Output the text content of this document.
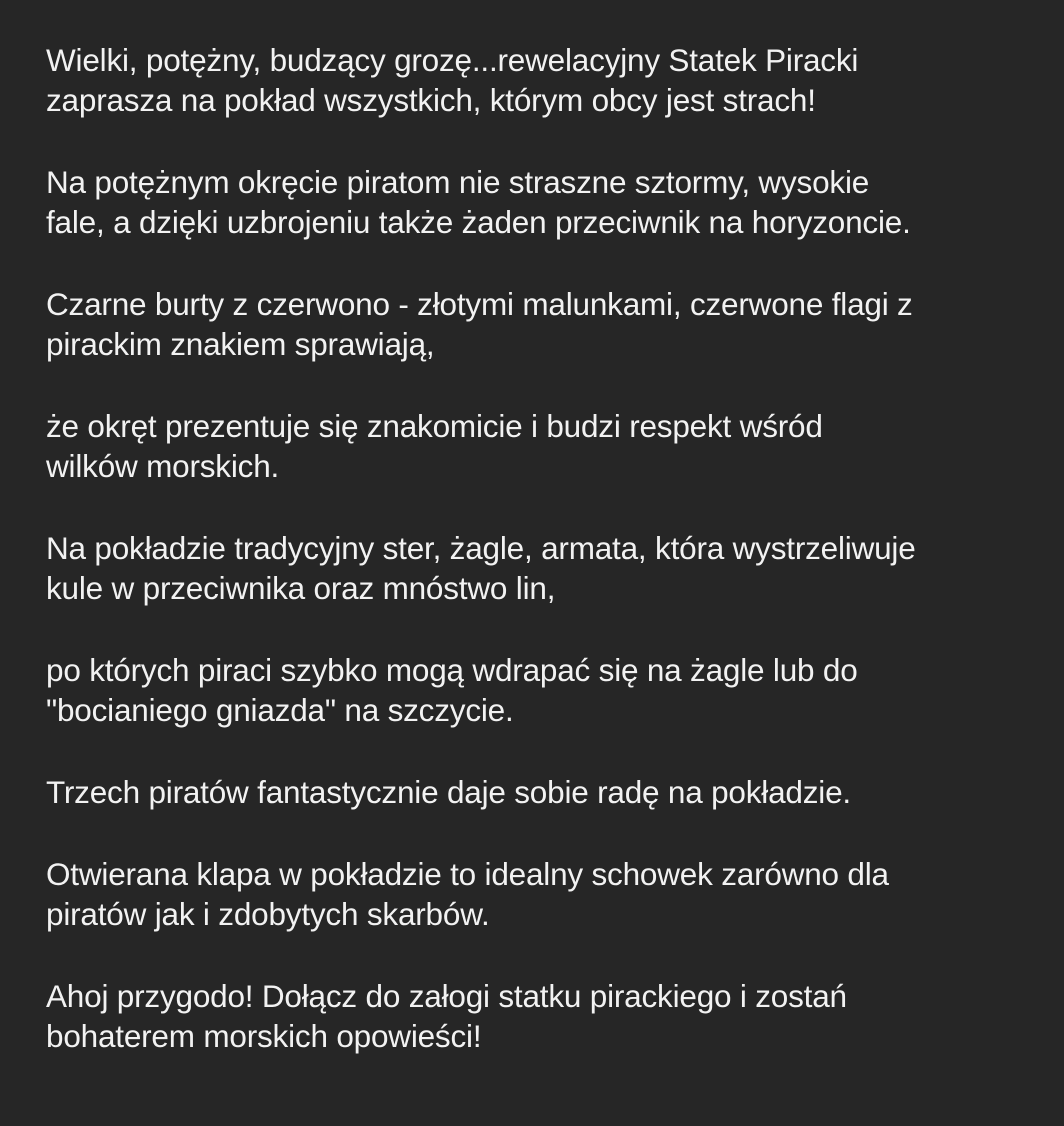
Wielki, potężny, budzący grozę...rewelacyjny Statek Piracki
zaprasza na pokład wszystkich, którym obcy jest strach!

Na potężnym okręcie piratom nie straszne sztormy, wysokie
fale, a dzięki uzbrojeniu także żaden przeciwnik na horyzoncie.

Czarne burty z czerwono - złotymi malunkami, czerwone flagi z
pirackim znakiem sprawiają,

że okręt prezentuje się znakomicie i budzi respekt wśród
wilków morskich.

Na pokładzie tradycyjny ster, żagle, armata, która wystrzeliwuje
kule w przeciwnika oraz mnóstwo lin,

po których piraci szybko mogą wdrapać się na żagle lub do
"bocianiego gniazda" na szczycie.

Trzech piratów fantastycznie daje sobie radę na pokładzie.

Otwierana klapa w pokładzie to idealny schowek zarówno dla
piratów jak i zdobytych skarbów.

Ahoj przygodo! Dołącz do załogi statku pirackiego i zostań
bohaterem morskich opowieści!
